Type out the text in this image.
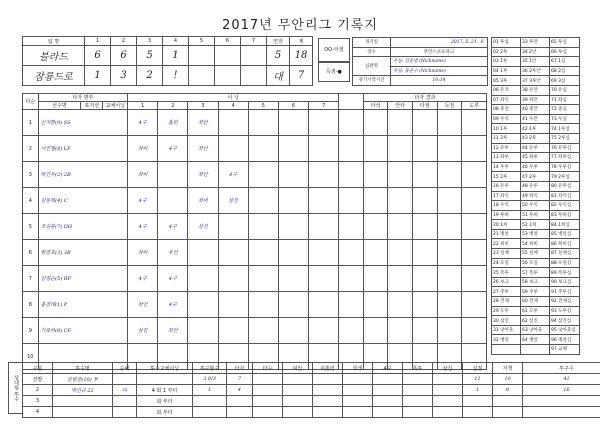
2017년 무안리그 기록지
팀 명	1	2	3	4	5	6	7	연장	계
블라드	6	6	5	1				5	18
잠룡드로	1	3	2	!				대	7
OO-타점
득점-●
경기일	2017. 5. 21. 토
장소	무안스포츠파크
심판명	주심: 김동범 (Nickname)
	루심: 홍준수 (Nickname)
경기시작시간	10:34
01 투입	33 투안	65 투심
02 2투	34 2안	66 투심
03 1루	35 1안	67 1심
04 1루	36 2루안	68 2심
05 3루	37 3루안	69 3심
06 유격	38 유안	70 유심
07 좌익	39 좌안	71 좌심
08 중견	40 중안	72 중심
09 우익	41 우안	73 우심
10 1루	42 1루	74 1루심
11 2루	43 2루	75 2루심
12 유루	44 유루	76 유루심
13 좌루	45 좌루	77 좌루심
14 우루	46 우루	78 우루심
15 2루	47 2루	79 2루심
16 유루	48 유루	80 유루심
17 좌익	49 좌익	81 좌익심
18 우익	50 우익	82 우익심
19 투희	51 투희	83 투희심
20 1희	52 1희	84 1희심
21 병살	53 병살	85 병살심
22 희비	54 희비	86 희비심
23 실책	55 실책	87 실책심
24 포일	56 포일	88 포일심
25 폭투	57 폭투	89 폭투심
26 보크	58 보크	90 보크심
27 주루	59 주루	91 주루심
28 견제	60 견제	92 견제심
29 도루	61 도루	93 도루심
30 삼진	62 삼진	94 삼진심
31 낫아웃	63 낫아웃	95 낫아웃심
32 병살	64 병살	96 병살심
		97 교체
타순	타자 명부			이 닝								타자 결과				
	선수명	포지션	교체이닝	1	2	3	4	5	6	7		타석	안타	타점	득점	도루
1	신지환(9) SS			4구	홈런	좌안										
2	서진형(8) LF			좌비	4구	좌안										
3	박건우(2) 2B			좌비		좌안	4구									
4	김동혁(4) C			4구		좌비	삼진									
5	조성훈(7) DH			4구	4구	삼진										
6	황준호(3) 3B			좌비	우안											
7	김명순(5) RF			4구	4구											
8	홍경래(1) P			좌안	4구											
9	기로하(6) CF			삼진	좌안											
10																
상대팀 투수
구분	투수명	승패	투수교체이닝	투구횟수	타자	타수	피안	피홈런	희생	4구	폭투	삼진	실점	자책	투구수
선발	김범준(10) 투			3 0/3	7								11	10	41
2	박민규 22	미	4 회 1 부터	1	4								1	0	16
3			회 부터												
4			회 부터												
